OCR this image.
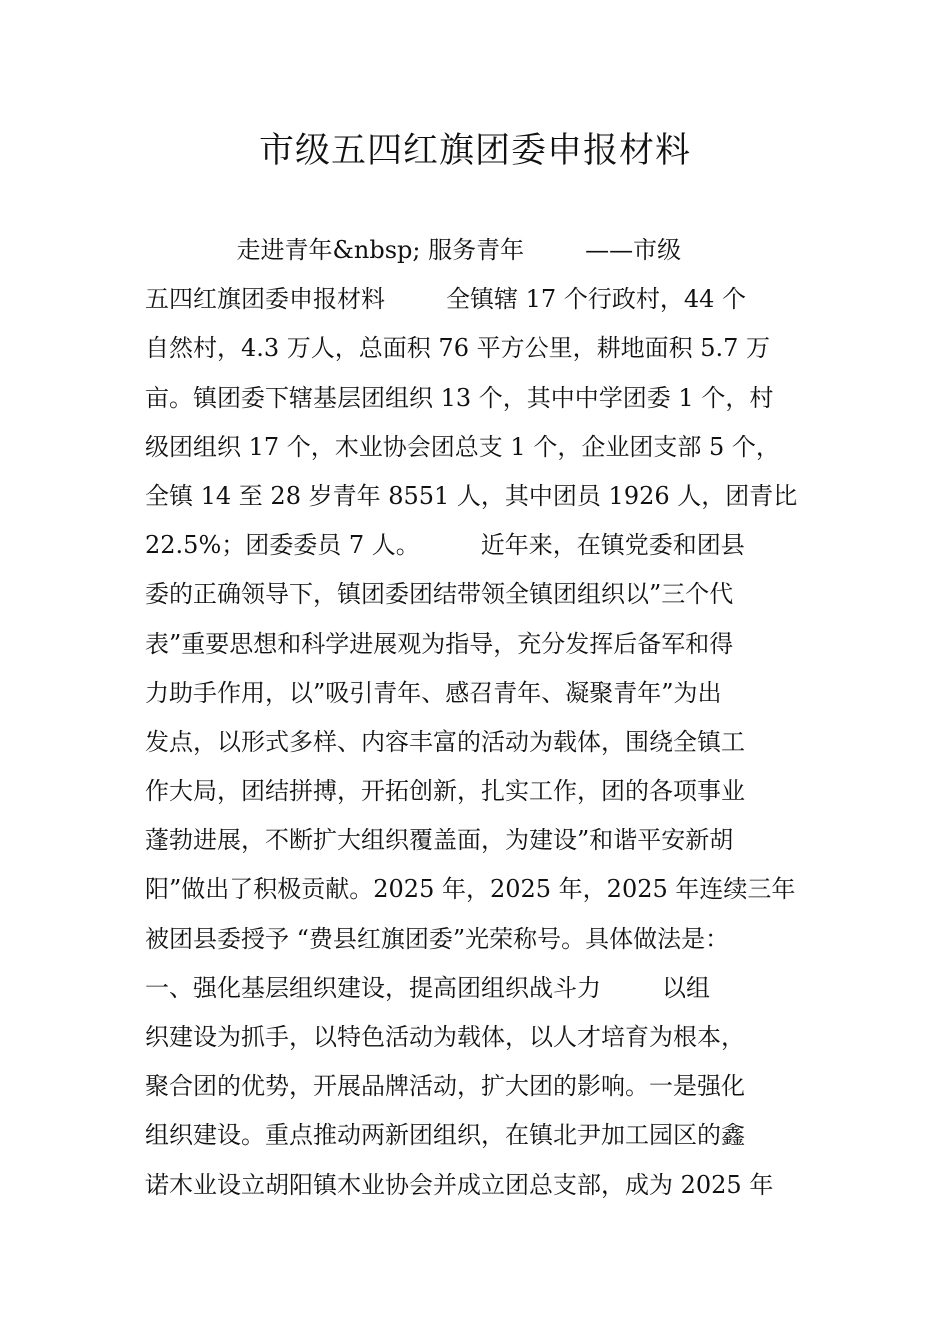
市级五四红旗团委申报材料
走进青年&nbsp; 服务青年        ——市级
五四红旗团委申报材料        全镇辖 17 个行政村，44 个
自然村，4.3 万人，总面积 76 平方公里，耕地面积 5.7 万
亩。镇团委下辖基层团组织 13 个，其中中学团委 1 个，村
级团组织 17 个，木业协会团总支 1 个，企业团支部 5 个，
全镇 14 至 28 岁青年 8551 人，其中团员 1926 人，团青比
22.5%；团委委员 7 人。        近年来，在镇党委和团县
委的正确领导下，镇团委团结带领全镇团组织以”三个代
表”重要思想和科学进展观为指导，充分发挥后备军和得
力助手作用，以”吸引青年、感召青年、凝聚青年”为出
发点，以形式多样、内容丰富的活动为载体，围绕全镇工
作大局，团结拼搏，开拓创新，扎实工作，团的各项事业
蓬勃进展，不断扩大组织覆盖面，为建设”和谐平安新胡
阳”做出了积极贡献。2025 年，2025 年，2025 年连续三年
被团县委授予 “费县红旗团委”光荣称号。具体做法是：
一、强化基层组织建设，提高团组织战斗力        以组
织建设为抓手，以特色活动为载体，以人才培育为根本，
聚合团的优势，开展品牌活动，扩大团的影响。一是强化
组织建设。重点推动两新团组织，在镇北尹加工园区的鑫
诺木业设立胡阳镇木业协会并成立团总支部，成为 2025 年
